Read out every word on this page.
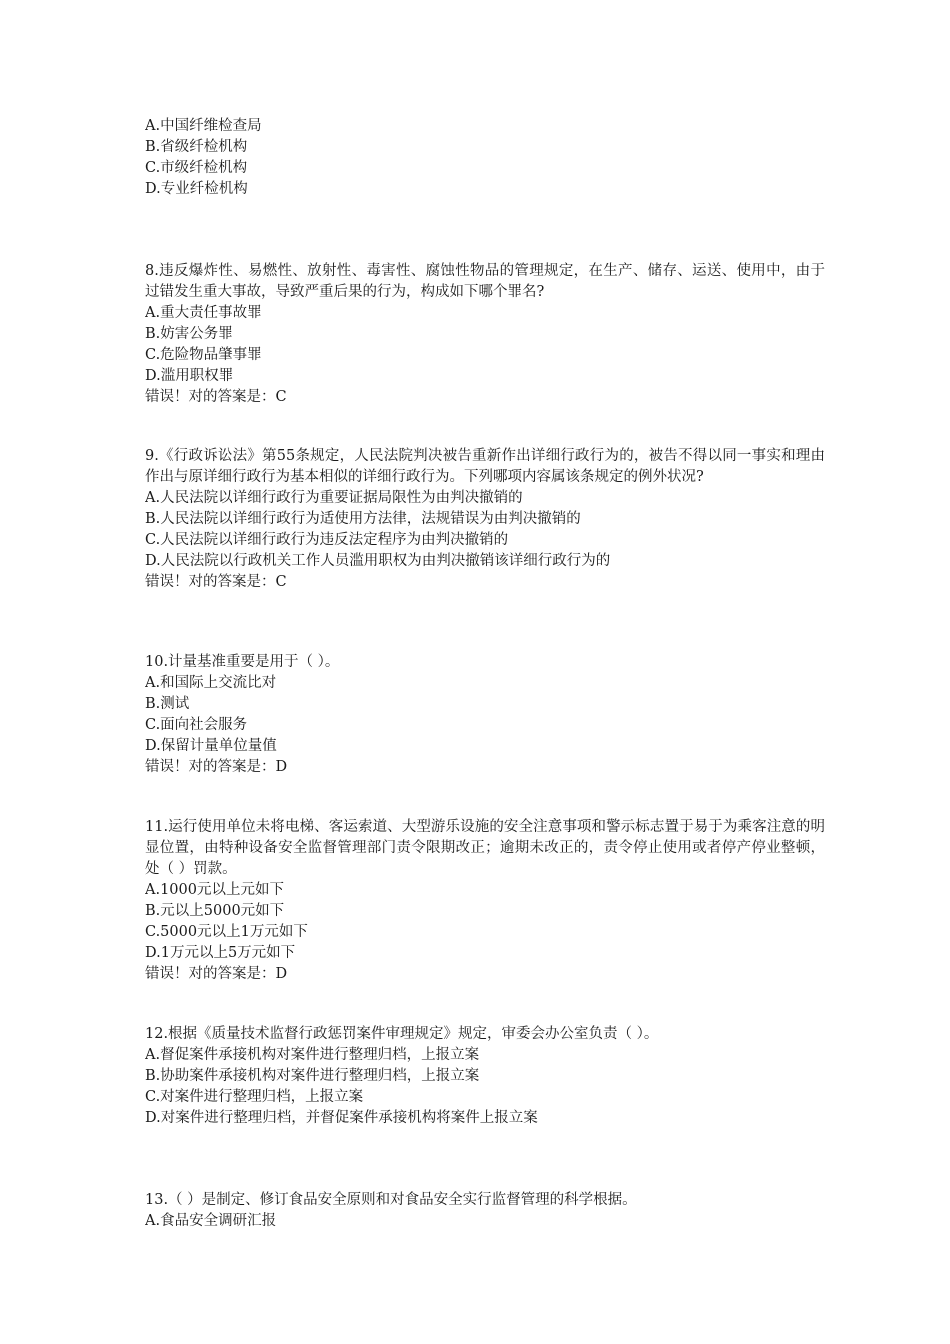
A.中国纤维检查局

B.省级纤检机构

C.市级纤检机构

D.专业纤检机构

8.违反爆炸性、易燃性、放射性、毒害性、腐蚀性物品的管理规定，在生产、储存、运送、使用中，由于过错发生重大事故，导致严重后果的行为，构成如下哪个罪名?

A.重大责任事故罪

B.妨害公务罪

C.危险物品肇事罪

D.滥用职权罪

错误！对的答案是：C

9.《行政诉讼法》第55条规定，人民法院判决被告重新作出详细行政行为的，被告不得以同一事实和理由作出与原详细行政行为基本相似的详细行政行为。下列哪项内容属该条规定的例外状况?

A.人民法院以详细行政行为重要证据局限性为由判决撤销的

B.人民法院以详细行政行为适使用方法律，法规错误为由判决撤销的

C.人民法院以详细行政行为违反法定程序为由判决撤销的

D.人民法院以行政机关工作人员滥用职权为由判决撤销该详细行政行为的

错误！对的答案是：C

10.计量基准重要是用于（ ）。

A.和国际上交流比对

B.测试

C.面向社会服务

D.保留计量单位量值

错误！对的答案是：D

11.运行使用单位未将电梯、客运索道、大型游乐设施的安全注意事项和警示标志置于易于为乘客注意的明显位置，由特种设备安全监督管理部门责令限期改正；逾期未改正的，责令停止使用或者停产停业整顿，处（ ）罚款。

A.1000元以上元如下

B.元以上5000元如下

C.5000元以上1万元如下

D.1万元以上5万元如下

错误！对的答案是：D

12.根据《质量技术监督行政惩罚案件审理规定》规定，审委会办公室负责（ ）。

A.督促案件承接机构对案件进行整理归档，上报立案

B.协助案件承接机构对案件进行整理归档，上报立案

C.对案件进行整理归档，上报立案

D.对案件进行整理归档，并督促案件承接机构将案件上报立案

13.（ ）是制定、修订食品安全原则和对食品安全实行监督管理的科学根据。

A.食品安全调研汇报
